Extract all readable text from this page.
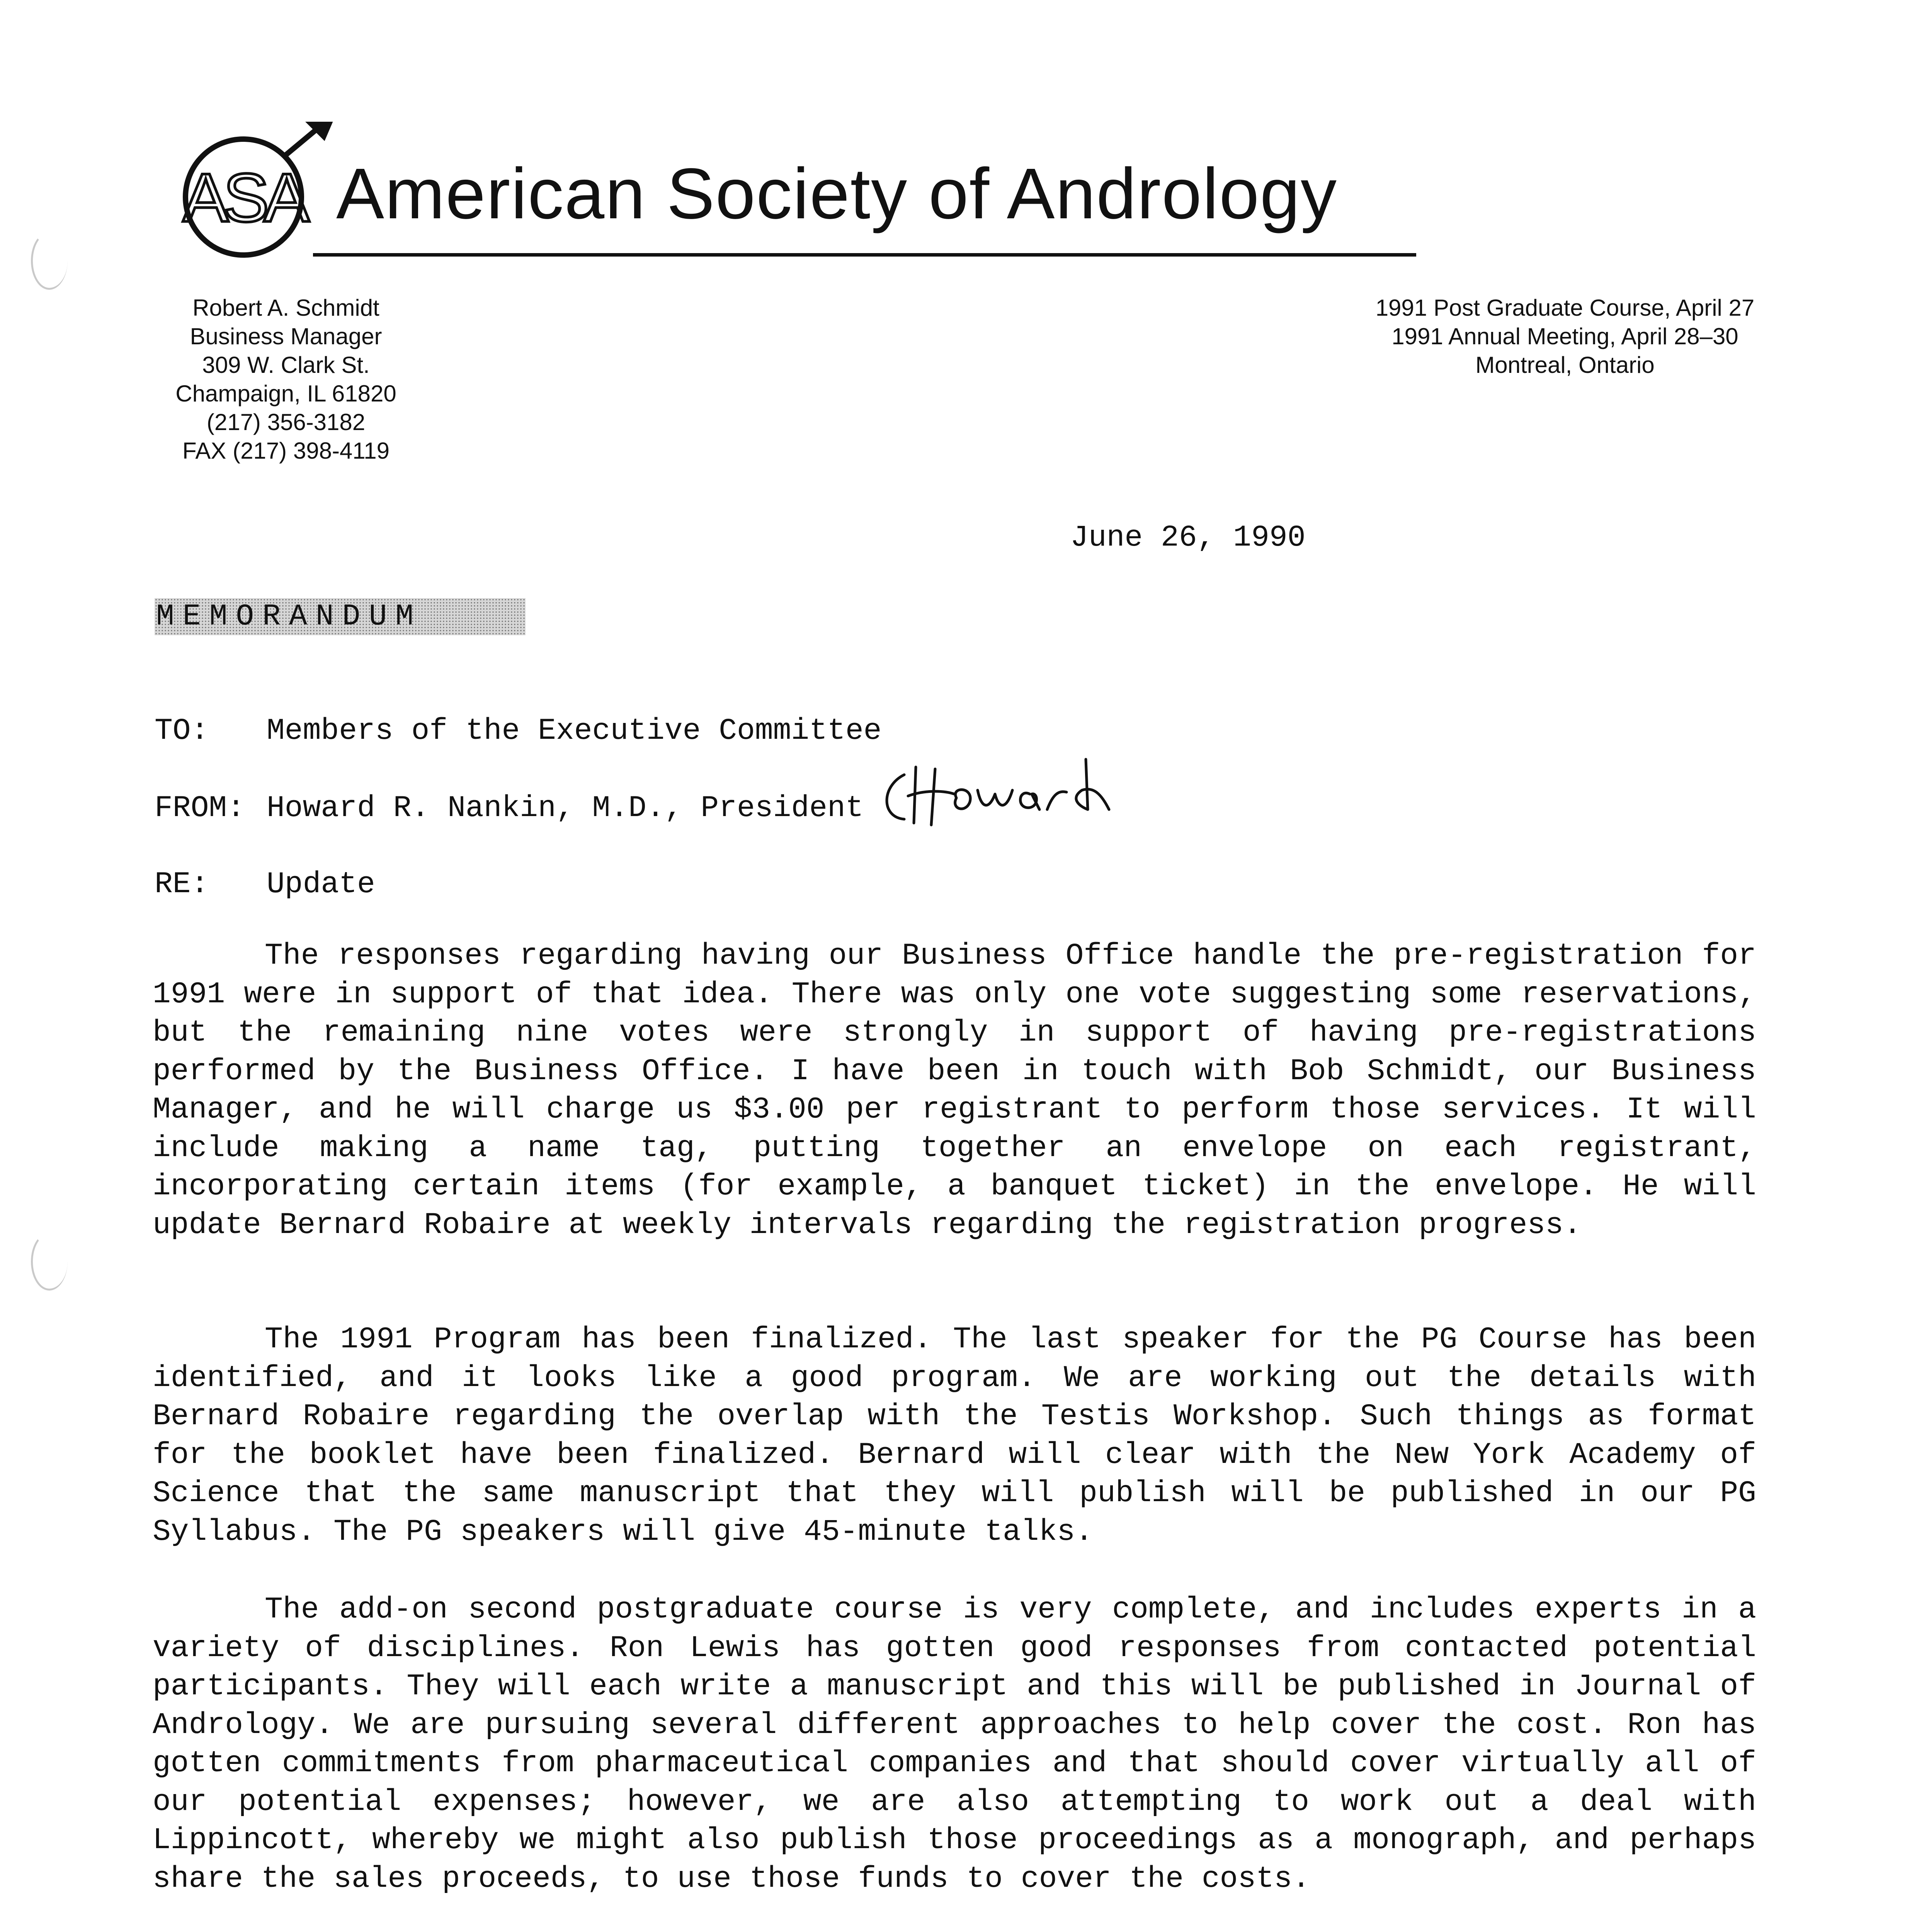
ASA American Society of Andrology
Robert A. Schmidt
Business Manager
309 W. Clark St.
Champaign, IL 61820
(217) 356-3182
FAX (217) 398-4119
1991 Post Graduate Course, April 27
1991 Annual Meeting, April 28–30
Montreal, Ontario
June 26, 1990
MEMORANDUM
TO: Members of the Executive Committee
FROM: Howard R. Nankin, M.D., President
RE: Update

The responses regarding having our Business Office handle the pre-registration for 1991 were in support of that idea. There was only one vote suggesting some reservations, but the remaining nine votes were strongly in support of having pre-registrations performed by the Business Office. I have been in touch with Bob Schmidt, our Business Manager, and he will charge us $3.00 per registrant to perform those services. It will include making a name tag, putting together an envelope on each registrant, incorporating certain items (for example, a banquet ticket) in the envelope. He will update Bernard Robaire at weekly intervals regarding the registration progress.

The 1991 Program has been finalized. The last speaker for the PG Course has been identified, and it looks like a good program. We are working out the details with Bernard Robaire regarding the overlap with the Testis Workshop. Such things as format for the booklet have been finalized. Bernard will clear with the New York Academy of Science that the same manuscript that they will publish will be published in our PG Syllabus. The PG speakers will give 45-minute talks.

The add-on second postgraduate course is very complete, and includes experts in a variety of disciplines. Ron Lewis has gotten good responses from contacted potential participants. They will each write a manuscript and this will be published in Journal of Andrology. We are pursuing several different approaches to help cover the cost. Ron has gotten commitments from pharmaceutical companies and that should cover virtually all of our potential expenses; however, we are also attempting to work out a deal with Lippincott, whereby we might also publish those proceedings as a monograph, and perhaps share the sales proceeds, to use those funds to cover the costs.
